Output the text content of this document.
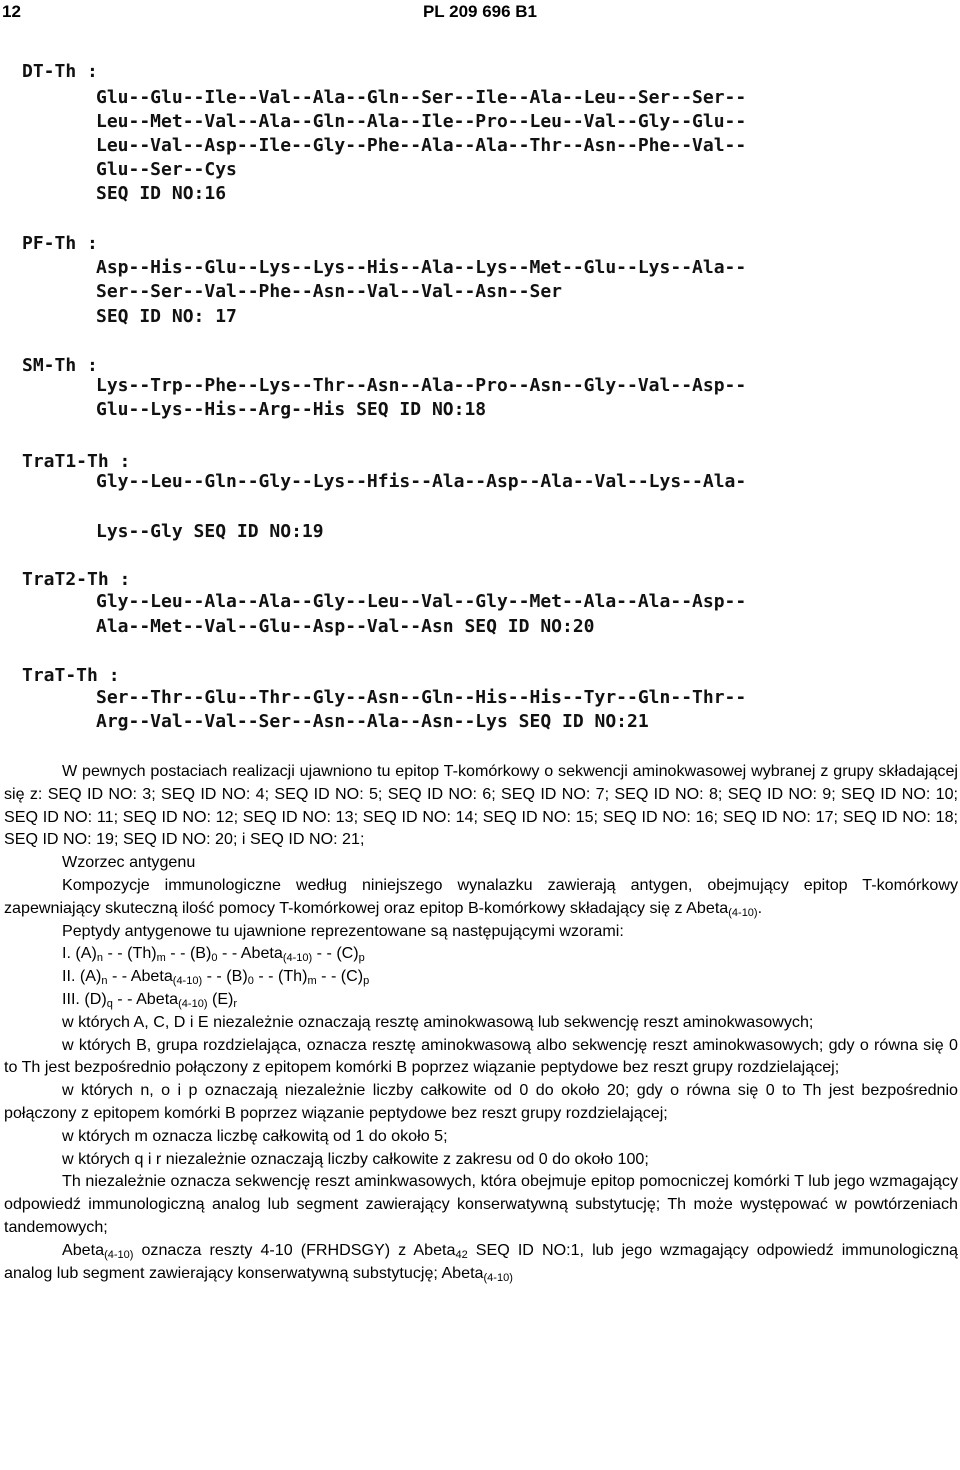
12	PL 209 696 B1
DT-Th :
Glu--Glu--Ile--Val--Ala--Gln--Ser--Ile--Ala--Leu--Ser--Ser--
Leu--Met--Val--Ala--Gln--Ala--Ile--Pro--Leu--Val--Gly--Glu--
Leu--Val--Asp--Ile--Gly--Phe--Ala--Ala--Thr--Asn--Phe--Val--
Glu--Ser--Cys
SEQ ID NO:16
PF-Th :
Asp--His--Glu--Lys--Lys--His--Ala--Lys--Met--Glu--Lys--Ala--
Ser--Ser--Val--Phe--Asn--Val--Val--Asn--Ser
SEQ ID NO: 17
SM-Th :
Lys--Trp--Phe--Lys--Thr--Asn--Ala--Pro--Asn--Gly--Val--Asp--
Glu--Lys--His--Arg--His SEQ ID NO:18
TraT1-Th :
Gly--Leu--Gln--Gly--Lys--Hfis--Ala--Asp--Ala--Val--Lys--Ala-
Lys--Gly SEQ ID NO:19
TraT2-Th :
Gly--Leu--Ala--Ala--Gly--Leu--Val--Gly--Met--Ala--Ala--Asp--
Ala--Met--Val--Glu--Asp--Val--Asn SEQ ID NO:20
TraT-Th :
Ser--Thr--Glu--Thr--Gly--Asn--Gln--His--His--Tyr--Gln--Thr--
Arg--Val--Val--Ser--Asn--Ala--Asn--Lys SEQ ID NO:21

W pewnych postaciach realizacji ujawniono tu epitop T-komórkowy o sekwencji aminokwasowej wybranej z grupy składającej się z: SEQ ID NO: 3; SEQ ID NO: 4; SEQ ID NO: 5; SEQ ID NO: 6; SEQ ID NO: 7; SEQ ID NO: 8; SEQ ID NO: 9; SEQ ID NO: 10; SEQ ID NO: 11; SEQ ID NO: 12; SEQ ID NO: 13; SEQ ID NO: 14; SEQ ID NO: 15; SEQ ID NO: 16; SEQ ID NO: 17; SEQ ID NO: 18; SEQ ID NO: 19; SEQ ID NO: 20; i SEQ ID NO: 21;

Wzorzec antygenu

Kompozycje immunologiczne według niniejszego wynalazku zawierają antygen, obejmujący epitop T-komórkowy zapewniający skuteczną ilość pomocy T-komórkowej oraz epitop B-komórkowy składający się z Abeta$_{(4-10)}$.

Peptydy antygenowe tu ujawnione reprezentowane są następującymi wzorami:

I. $(A)_n$ - - $(Th)_m$ - - $(B)_0$ - - Abeta$_{(4-10)}$ - - $(C)_p$

II. $(A)_n$ - - Abeta$_{(4-10)}$ - - $(B)_0$ - - $(Th)_m$ - - $(C)_p$

III. $(D)_q$ - - Abeta$_{(4-10)}$ $(E)_r$

w których A, C, D i E niezależnie oznaczają resztę aminokwasową lub sekwencję reszt aminokwasowych;

w których B, grupa rozdzielająca, oznacza resztę aminokwasową albo sekwencję reszt aminokwasowych; gdy o równa się 0 to Th jest bezpośrednio połączony z epitopem komórki B poprzez wiązanie peptydowe bez reszt grupy rozdzielającej;

w których n, o i p oznaczają niezależnie liczby całkowite od 0 do około 20; gdy o równa się 0 to Th jest bezpośrednio połączony z epitopem komórki B poprzez wiązanie peptydowe bez reszt grupy rozdzielającej;

w których m oznacza liczbę całkowitą od 1 do około 5;

w których q i r niezależnie oznaczają liczby całkowite z zakresu od 0 do około 100;

Th niezależnie oznacza sekwencję reszt aminkwasowych, która obejmuje epitop pomocniczej komórki T lub jego wzmagający odpowiedź immunologiczną analog lub segment zawierający konserwatywną substytucję; Th może występować w powtórzeniach tandemowych;

Abeta$_{(4-10)}$ oznacza reszty 4-10 (FRHDSGY) z Abeta$_{42}$ SEQ ID NO:1, lub jego wzmagający odpowiedź immunologiczną analog lub segment zawierający konserwatywną substytucję; Abeta$_{(4-10)}$
